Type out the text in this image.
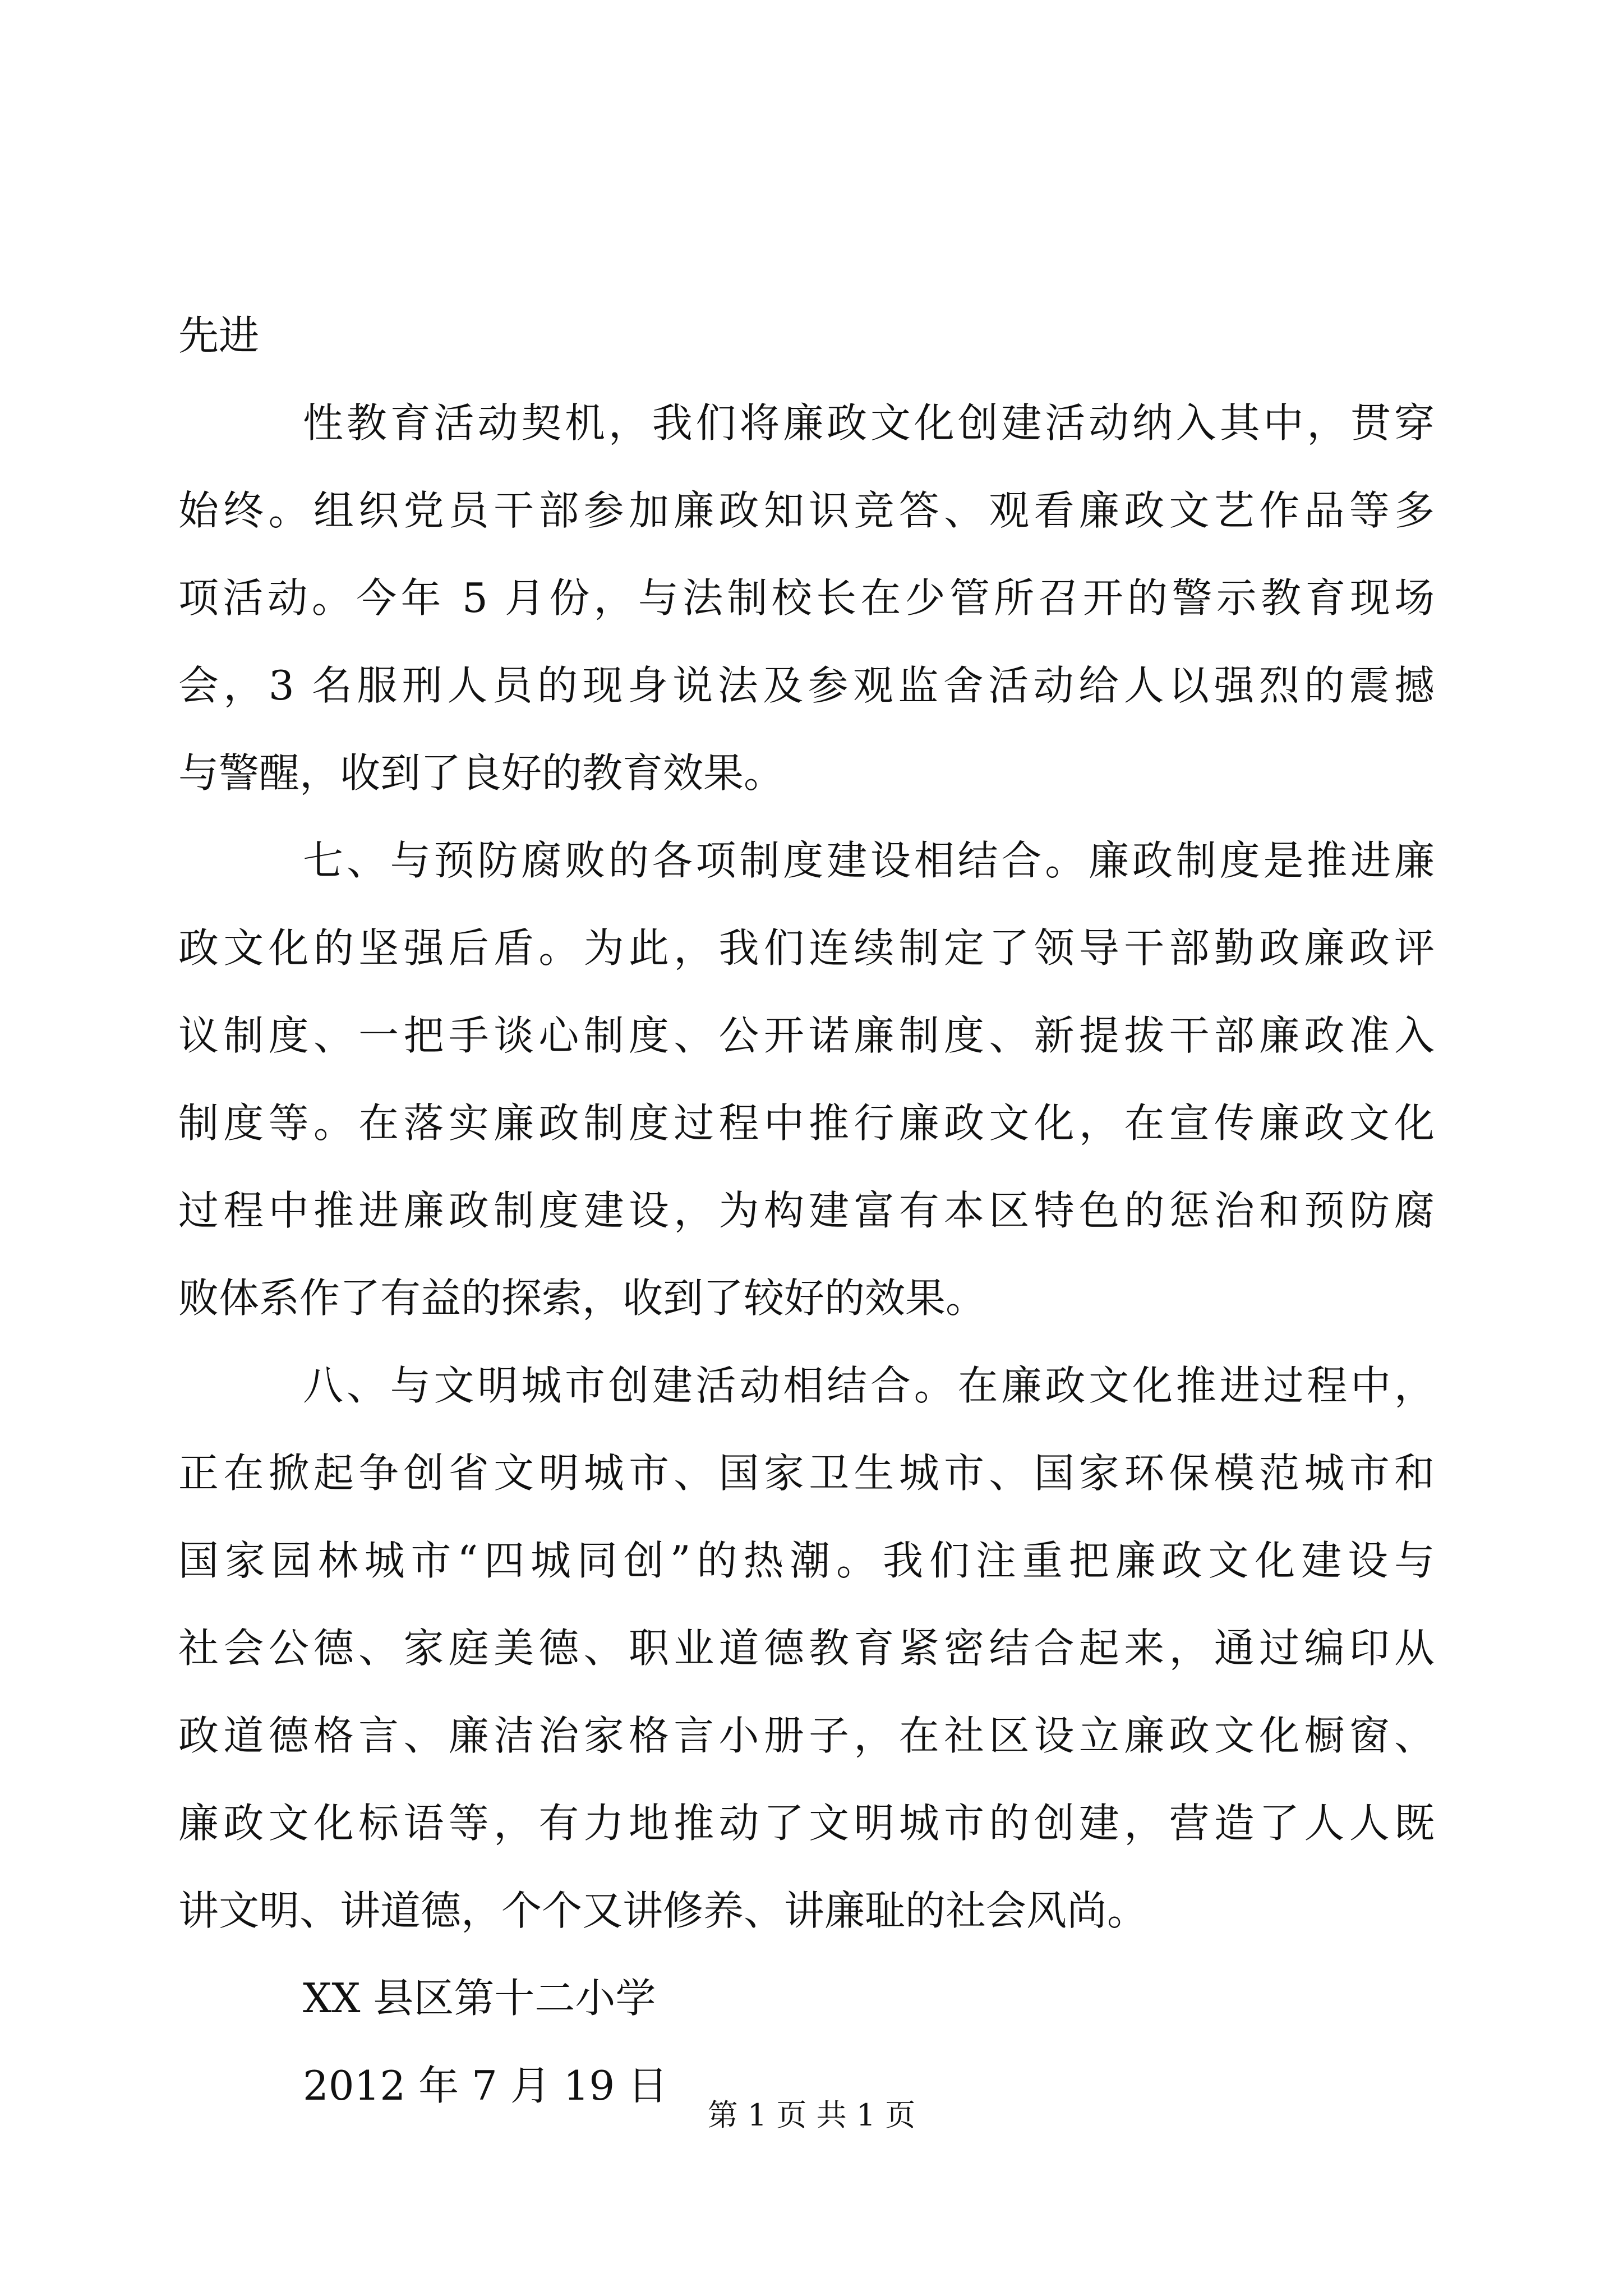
先进

性教育活动契机，我们将廉政文化创建活动纳入其中，贯穿

始终。组织党员干部参加廉政知识竞答、观看廉政文艺作品等多

项活动。今年 5 月份，与法制校长在少管所召开的警示教育现场

会，3 名服刑人员的现身说法及参观监舍活动给人以强烈的震撼

与警醒，收到了良好的教育效果。

七、与预防腐败的各项制度建设相结合。廉政制度是推进廉

政文化的坚强后盾。为此，我们连续制定了领导干部勤政廉政评

议制度、一把手谈心制度、公开诺廉制度、新提拔干部廉政准入

制度等。在落实廉政制度过程中推行廉政文化，在宣传廉政文化

过程中推进廉政制度建设，为构建富有本区特色的惩治和预防腐

败体系作了有益的探索，收到了较好的效果。

八、与文明城市创建活动相结合。在廉政文化推进过程中，

正在掀起争创省文明城市、国家卫生城市、国家环保模范城市和

国家园林城市“四城同创”的热潮。我们注重把廉政文化建设与

社会公德、家庭美德、职业道德教育紧密结合起来，通过编印从

政道德格言、廉洁治家格言小册子，在社区设立廉政文化橱窗、

廉政文化标语等，有力地推动了文明城市的创建，营造了人人既

讲文明、讲道德，个个又讲修养、讲廉耻的社会风尚。

XX 县区第十二小学

2012 年 7 月 19 日

第 1 页 共 1 页
